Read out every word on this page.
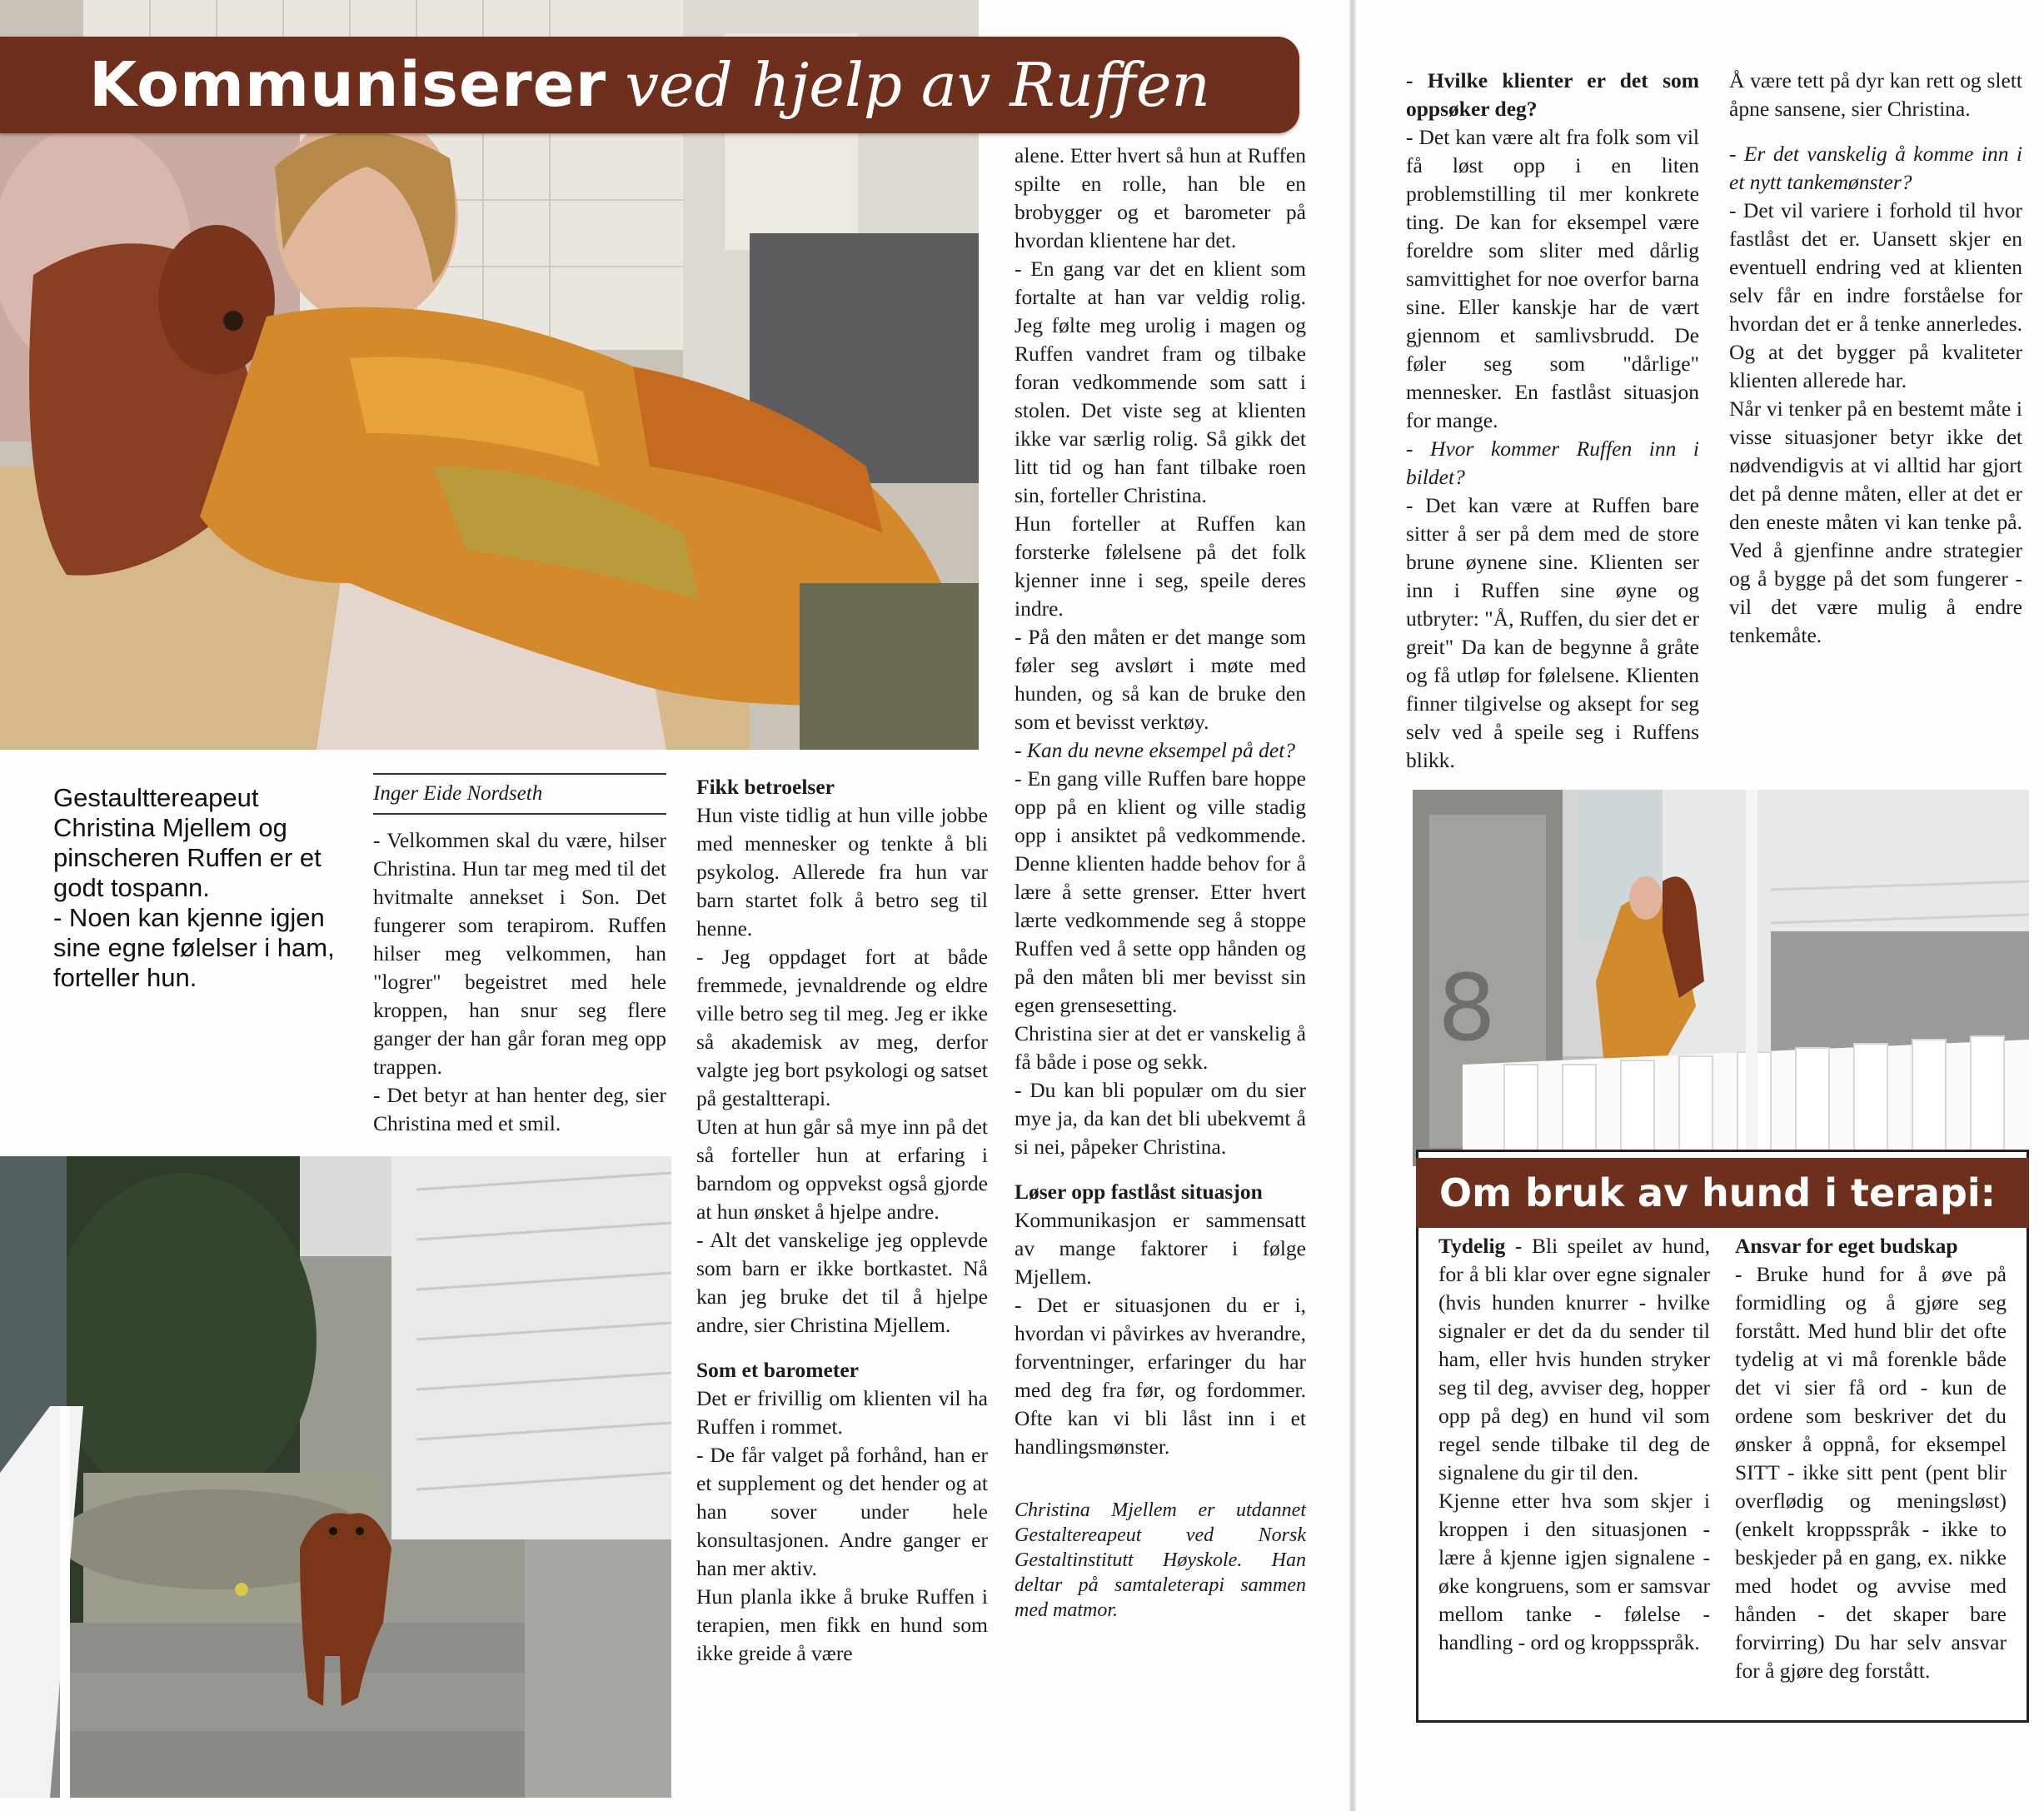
Kommuniserer ved hjelp av Ruffen

Gestaulttereapeut Christina Mjellem og pinscheren Ruffen er et godt tospann.

- Noen kan kjenne igjen sine egne følelser i ham, forteller hun.

Inger Eide Nordseth

- Velkommen skal du være, hilser Christina. Hun tar meg med til det hvitmalte annekset i Son. Det fungerer som terapirom. Ruffen hilser meg velkommen, han "logrer" begeistret med hele kroppen, han snur seg flere ganger der han går foran meg opp trappen.

- Det betyr at han henter deg, sier Christina med et smil.

Fikk betroelser

Hun viste tidlig at hun ville jobbe med mennesker og tenkte å bli psykolog. Allerede fra hun var barn startet folk å betro seg til henne.

- Jeg oppdaget fort at både fremmede, jevnaldrende og eldre ville betro seg til meg. Jeg er ikke så akademisk av meg, derfor valgte jeg bort psykologi og satset på gestaltterapi.

Uten at hun går så mye inn på det så forteller hun at erfaring i barndom og oppvekst også gjorde at hun ønsket å hjelpe andre.

- Alt det vanskelige jeg opplevde som barn er ikke bortkastet. Nå kan jeg bruke det til å hjelpe andre, sier Christina Mjellem.

Som et barometer

Det er frivillig om klienten vil ha Ruffen i rommet.

- De får valget på forhånd, han er et supplement og det hender og at han sover under hele konsultasjonen. Andre ganger er han mer aktiv.

Hun planla ikke å bruke Ruffen i terapien, men fikk en hund som ikke greide å være

alene. Etter hvert så hun at Ruffen spilte en rolle, han ble en brobygger og et barometer på hvordan klientene har det.

- En gang var det en klient som fortalte at han var veldig rolig. Jeg følte meg urolig i magen og Ruffen vandret fram og tilbake foran vedkommende som satt i stolen. Det viste seg at klienten ikke var særlig rolig. Så gikk det litt tid og han fant tilbake roen sin, forteller Christina.

Hun forteller at Ruffen kan forsterke følelsene på det folk kjenner inne i seg, speile deres indre.

- På den måten er det mange som føler seg avslørt i møte med hunden, og så kan de bruke den som et bevisst verktøy.

- Kan du nevne eksempel på det?

- En gang ville Ruffen bare hoppe opp på en klient og ville stadig opp i ansiktet på vedkommende. Denne klienten hadde behov for å lære å sette grenser. Etter hvert lærte vedkommende seg å stoppe Ruffen ved å sette opp hånden og på den måten bli mer bevisst sin egen grensesetting.

Christina sier at det er vanskelig å få både i pose og sekk.

- Du kan bli populær om du sier mye ja, da kan det bli ubekvemt å si nei, påpeker Christina.

Løser opp fastlåst situasjon

Kommunikasjon er sammensatt av mange faktorer i følge Mjellem.

- Det er situasjonen du er i, hvordan vi påvirkes av hverandre, forventninger, erfaringer du har med deg fra før, og fordommer. Ofte kan vi bli låst inn i et handlingsmønster.

Christina Mjellem er utdannet Gestaltereapeut ved Norsk Gestaltinstitutt Høyskole. Han deltar på samtaleterapi sammen med matmor.

- Hvilke klienter er det som oppsøker deg?

- Det kan være alt fra folk som vil få løst opp i en liten problemstilling til mer konkrete ting. De kan for eksempel være foreldre som sliter med dårlig samvittighet for noe overfor barna sine. Eller kanskje har de vært gjennom et samlivsbrudd. De føler seg som "dårlige" mennesker. En fastlåst situasjon for mange.

- Hvor kommer Ruffen inn i bildet?

- Det kan være at Ruffen bare sitter å ser på dem med de store brune øynene sine. Klienten ser inn i Ruffen sine øyne og utbryter: "Å, Ruffen, du sier det er greit" Da kan de begynne å gråte og få utløp for følelsene. Klienten finner tilgivelse og aksept for seg selv ved å speile seg i Ruffens blikk.

Å være tett på dyr kan rett og slett åpne sansene, sier Christina.

- Er det vanskelig å komme inn i et nytt tankemønster?

- Det vil variere i forhold til hvor fastlåst det er. Uansett skjer en eventuell endring ved at klienten selv får en indre forståelse for hvordan det er å tenke annerledes. Og at det bygger på kvaliteter klienten allerede har.

Når vi tenker på en bestemt måte i visse situasjoner betyr ikke det nødvendigvis at vi alltid har gjort det på denne måten, eller at det er den eneste måten vi kan tenke på. Ved å gjenfinne andre strategier og å bygge på det som fungerer - vil det være mulig å endre tenkemåte.

8

Tydelig - Bli speilet av hund, for å bli klar over egne signaler (hvis hunden knurrer - hvilke signaler er det da du sender til ham, eller hvis hunden stryker seg til deg, avviser deg, hopper opp på deg) en hund vil som regel sende tilbake til deg de signalene du gir til den.

Kjenne etter hva som skjer i kroppen i den situasjonen - lære å kjenne igjen signalene - øke kongruens, som er samsvar mellom tanke - følelse - handling - ord og kroppsspråk.

Ansvar for eget budskap

- Bruke hund for å øve på formidling og å gjøre seg forstått. Med hund blir det ofte tydelig at vi må forenkle både det vi sier få ord - kun de ordene som beskriver det du ønsker å oppnå, for eksempel SITT - ikke sitt pent (pent blir overflødig og meningsløst) (enkelt kroppsspråk - ikke to beskjeder på en gang, ex. nikke med hodet og avvise med hånden - det skaper bare forvirring) Du har selv ansvar for å gjøre deg forstått.

Om bruk av hund i terapi:
